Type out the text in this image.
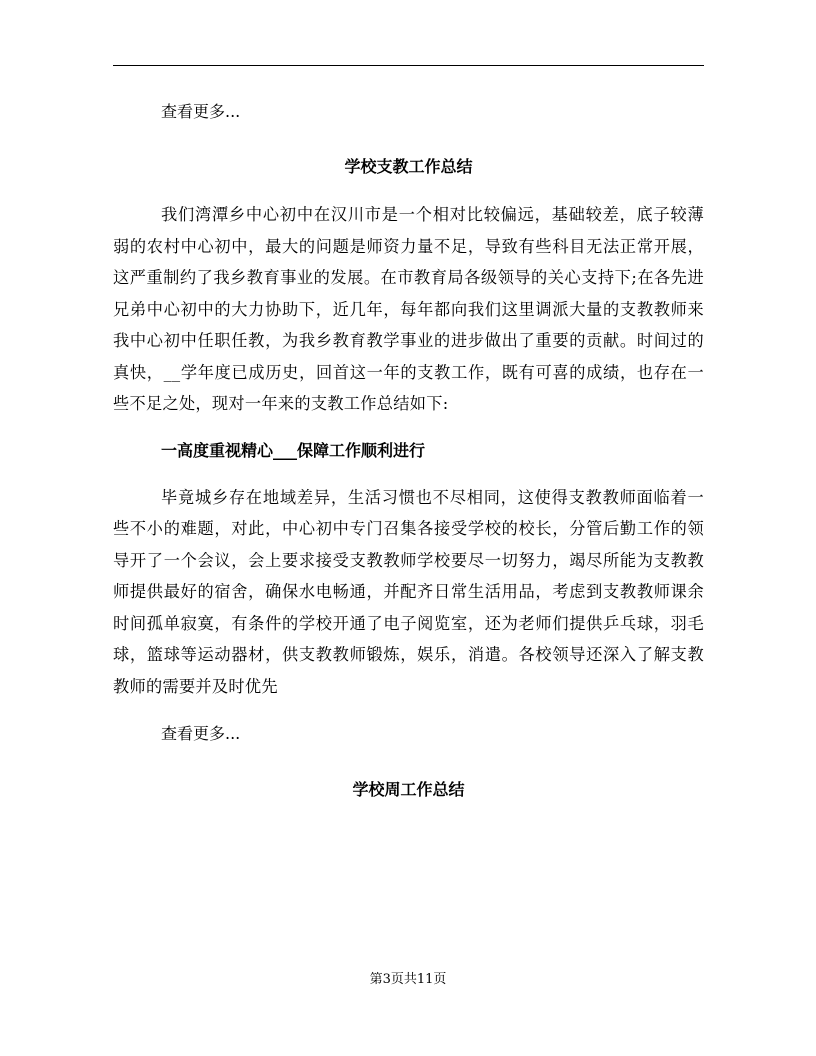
查看更多...

学校支教工作总结

我们湾潭乡中心初中在汉川市是一个相对比较偏远，基础较差，底子较薄弱的农村中心初中，最大的问题是师资力量不足，导致有些科目无法正常开展，这严重制约了我乡教育事业的发展。在市教育局各级领导的关心支持下;在各先进兄弟中心初中的大力协助下，近几年，每年都向我们这里调派大量的支教教师来我中心初中任职任教，为我乡教育教学事业的进步做出了重要的贡献。时间过的真快，__学年度已成历史，回首这一年的支教工作，既有可喜的成绩，也存在一些不足之处，现对一年来的支教工作总结如下:

一高度重视精心___保障工作顺利进行

毕竟城乡存在地域差异，生活习惯也不尽相同，这使得支教教师面临着一些不小的难题，对此，中心初中专门召集各接受学校的校长，分管后勤工作的领导开了一个会议，会上要求接受支教教师学校要尽一切努力，竭尽所能为支教教师提供最好的宿舍，确保水电畅通，并配齐日常生活用品，考虑到支教教师课余时间孤单寂寞，有条件的学校开通了电子阅览室，还为老师们提供乒乓球，羽毛球，篮球等运动器材，供支教教师锻炼，娱乐，消遣。各校领导还深入了解支教教师的需要并及时优先

查看更多...

学校周工作总结

第3页共11页
